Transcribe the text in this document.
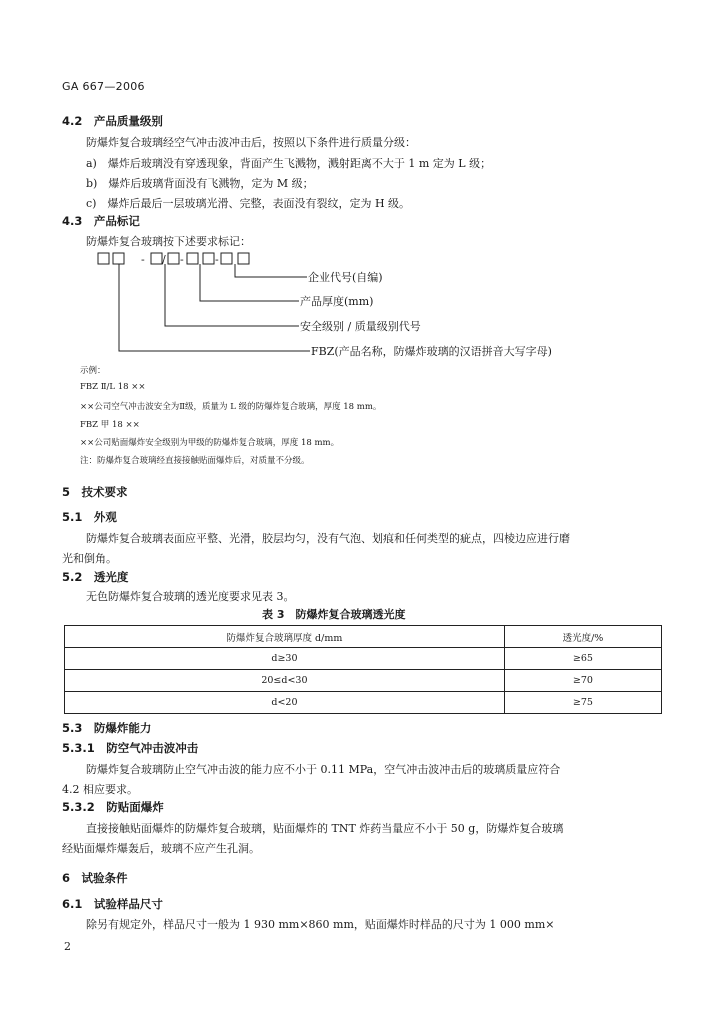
GA 667—2006
4.2　产品质量级别
防爆炸复合玻璃经空气冲击波冲击后，按照以下条件进行质量分级：
a)　爆炸后玻璃没有穿透现象，背面产生飞溅物，溅射距离不大于 1 m 定为 L 级；
b)　爆炸后玻璃背面没有飞溅物，定为 M 级；
c)　爆炸后最后一层玻璃光滑、完整，表面没有裂纹，定为 H 级。
4.3　产品标记
防爆炸复合玻璃按下述要求标记：
- / -	-
企业代号(自编)
产品厚度(mm)
安全级别 / 质量级别代号
FBZ(产品名称，防爆炸玻璃的汉语拼音大写字母)
示例：
FBZ Ⅱ/L 18 ××
××公司空气冲击波安全为Ⅱ级，质量为 L 级的防爆炸复合玻璃，厚度 18 mm。
FBZ 甲 18 ××
××公司贴面爆炸安全级别为甲级的防爆炸复合玻璃，厚度 18 mm。
注：防爆炸复合玻璃经直接接触贴面爆炸后，对质量不分级。
5　技术要求
5.1　外观
防爆炸复合玻璃表面应平整、光滑，胶层均匀，没有气泡、划痕和任何类型的疵点，四棱边应进行磨
光和倒角。
5.2　透光度
无色防爆炸复合玻璃的透光度要求见表 3。
表 3　防爆炸复合玻璃透光度
防爆炸复合玻璃厚度 d/mm	透光度/%
d≥30	≥65
20≤d<30	≥70
d<20	≥75
5.3　防爆炸能力
5.3.1　防空气冲击波冲击
防爆炸复合玻璃防止空气冲击波的能力应不小于 0.11 MPa，空气冲击波冲击后的玻璃质量应符合
4.2 相应要求。
5.3.2　防贴面爆炸
直接接触贴面爆炸的防爆炸复合玻璃，贴面爆炸的 TNT 炸药当量应不小于 50 g，防爆炸复合玻璃
经贴面爆炸爆轰后，玻璃不应产生孔洞。
6　试验条件
6.1　试验样品尺寸
除另有规定外，样品尺寸一般为 1 930 mm×860 mm，贴面爆炸时样品的尺寸为 1 000 mm×
2
